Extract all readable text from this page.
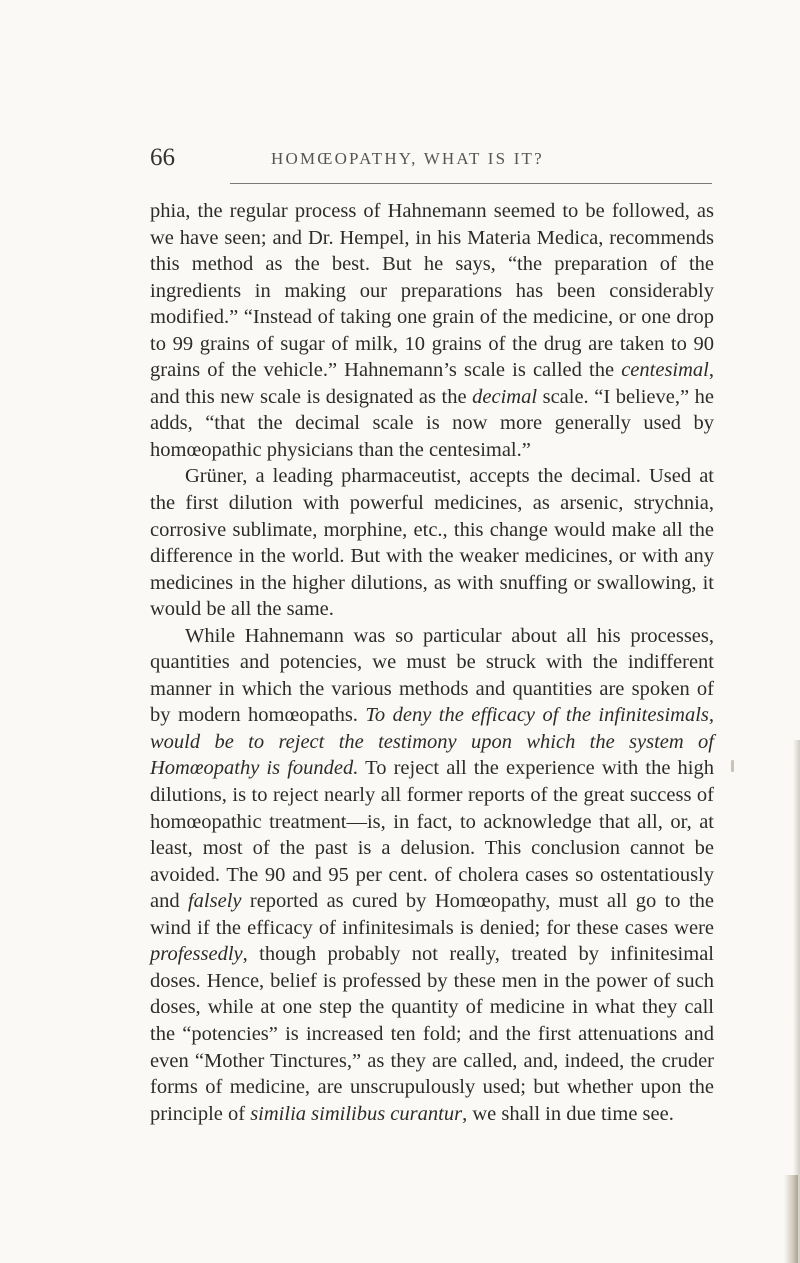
66	HOMŒOPATHY, WHAT IS IT?

phia, the regular process of Hahnemann seemed to be followed, as we have seen; and Dr. Hempel, in his Materia Medica, recommends this method as the best. But he says, “the preparation of the ingredients in making our preparations has been considerably modified.” “Instead of taking one grain of the medicine, or one drop to 99 grains of sugar of milk, 10 grains of the drug are taken to 90 grains of the vehicle.” Hahnemann’s scale is called the centesimal, and this new scale is designated as the decimal scale. “I believe,” he adds, “that the decimal scale is now more generally used by homœopathic physicians than the centesimal.”

Grüner, a leading pharmaceutist, accepts the decimal. Used at the first dilution with powerful medicines, as arsenic, strychnia, corrosive sublimate, morphine, etc., this change would make all the difference in the world. But with the weaker medicines, or with any medicines in the higher dilutions, as with snuffing or swallowing, it would be all the same.

While Hahnemann was so particular about all his processes, quantities and potencies, we must be struck with the indifferent manner in which the various methods and quantities are spoken of by modern homœopaths. To deny the efficacy of the infinitesimals, would be to reject the testimony upon which the system of Homœopathy is founded. To reject all the experience with the high dilutions, is to reject nearly all former reports of the great success of homœopathic treatment—is, in fact, to acknowledge that all, or, at least, most of the past is a delusion. This conclusion cannot be avoided. The 90 and 95 per cent. of cholera cases so ostentatiously and falsely reported as cured by Homœopathy, must all go to the wind if the efficacy of infinitesimals is denied; for these cases were professedly, though probably not really, treated by infinitesimal doses. Hence, belief is professed by these men in the power of such doses, while at one step the quantity of medicine in what they call the “potencies” is increased ten fold; and the first attenuations and even “Mother Tinctures,” as they are called, and, indeed, the cruder forms of medicine, are unscrupulously used; but whether upon the principle of similia similibus curantur, we shall in due time see.
